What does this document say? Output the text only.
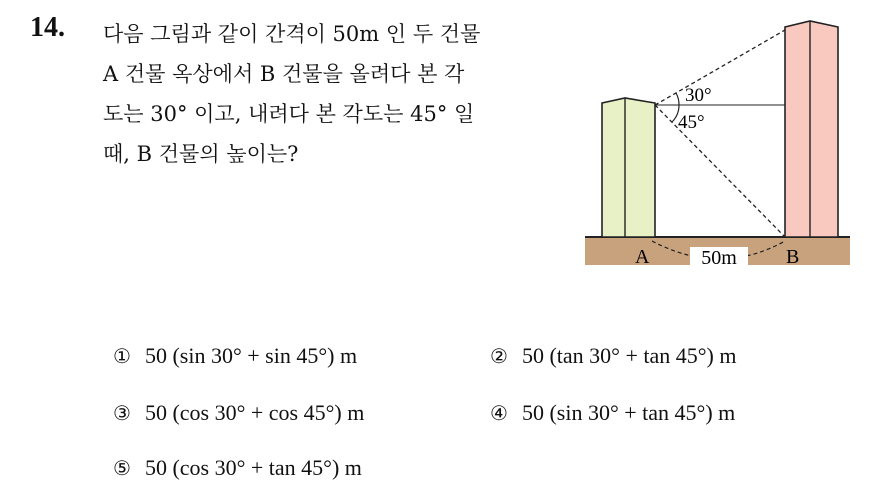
14. 다음 그림과 같이 간격이 50m 인 두 건물
A 건물 옥상에서 B 건물을 올려다 본 각
도는 30° 이고, 내려다 본 각도는 45° 일
때, B 건물의 높이는?
30°
45°
50m
A	B
① 50 (sin 30° + sin 45°) m	② 50 (tan 30° + tan 45°) m
③ 50 (cos 30° + cos 45°) m	④ 50 (sin 30° + tan 45°) m
⑤ 50 (cos 30° + tan 45°) m
